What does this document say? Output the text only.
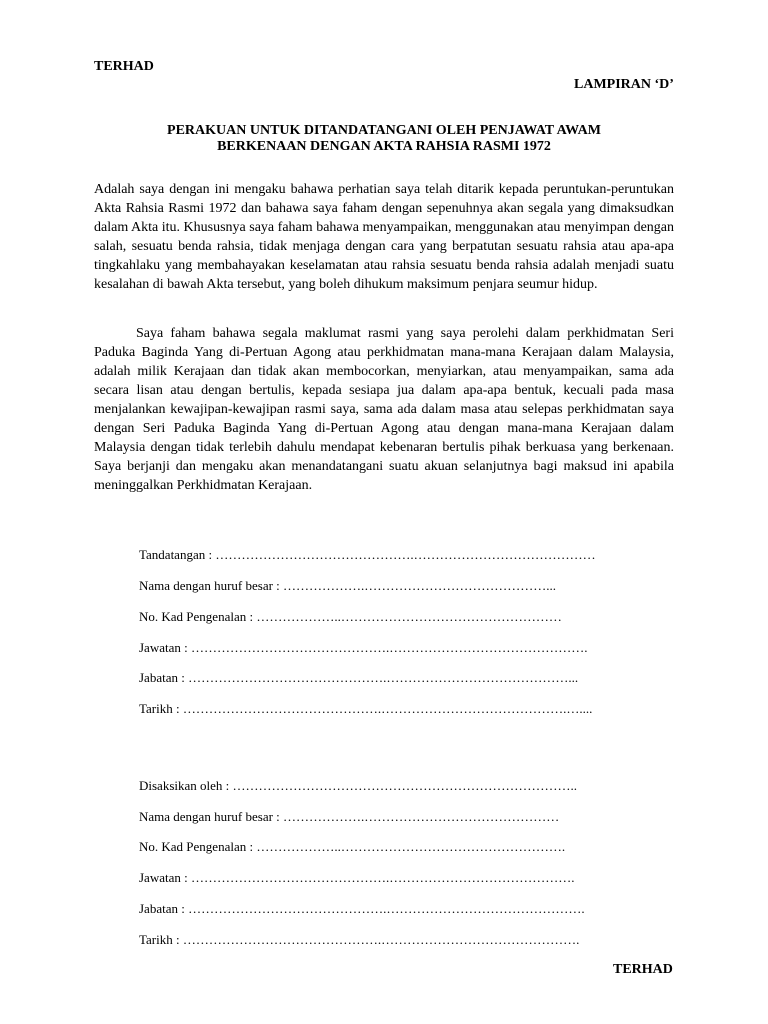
TERHAD
LAMPIRAN ‘D’
PERAKUAN UNTUK DITANDATANGANI OLEH PENJAWAT AWAM
BERKENAAN DENGAN AKTA RAHSIA RASMI 1972
Adalah saya dengan ini mengaku bahawa perhatian saya telah ditarik kepada peruntukan-peruntukan Akta Rahsia Rasmi 1972 dan bahawa saya faham dengan sepenuhnya akan segala yang dimaksudkan dalam Akta itu. Khususnya saya faham bahawa menyampaikan, menggunakan atau menyimpan dengan salah, sesuatu benda rahsia, tidak menjaga dengan cara yang berpatutan sesuatu rahsia atau apa-apa tingkahlaku yang membahayakan keselamatan atau rahsia sesuatu benda rahsia adalah menjadi suatu kesalahan di bawah Akta tersebut, yang boleh dihukum maksimum penjara seumur hidup.
Saya faham bahawa segala maklumat rasmi yang saya perolehi dalam perkhidmatan Seri Paduka Baginda Yang di-Pertuan Agong atau perkhidmatan mana-mana Kerajaan dalam Malaysia, adalah milik Kerajaan dan tidak akan membocorkan, menyiarkan, atau menyampaikan, sama ada secara lisan atau dengan bertulis, kepada sesiapa jua dalam apa-apa bentuk, kecuali pada masa menjalankan kewajipan-kewajipan rasmi saya, sama ada dalam masa atau selepas perkhidmatan saya dengan Seri Paduka Baginda Yang di-Pertuan Agong atau dengan mana-mana Kerajaan dalam Malaysia dengan tidak terlebih dahulu mendapat kebenaran bertulis pihak berkuasa yang berkenaan. Saya berjanji dan mengaku akan menandatangani suatu akuan selanjutnya bagi maksud ini apabila meninggalkan Perkhidmatan Kerajaan.
Tandatangan : ……………………………………….……………………………………
Nama dengan huruf besar : ……………….……………………………………...
No. Kad Pengenalan : ………………..……………………………………………
Jawatan : ……………………………………….……………………………………….
Jabatan : ……………………………………….……………………………………...
Tarikh : ……………………………………….…………………………………….…....
Disaksikan oleh : ……………………………………………………………………..
Nama dengan huruf besar : ……………….………………………………………
No. Kad Pengenalan : ………………..…………………………………………….
Jawatan : ……………………………………….…………………………………….
Jabatan : ……………………………………….……………………………………….
Tarikh : ……………………………………….……………………………………….
TERHAD
